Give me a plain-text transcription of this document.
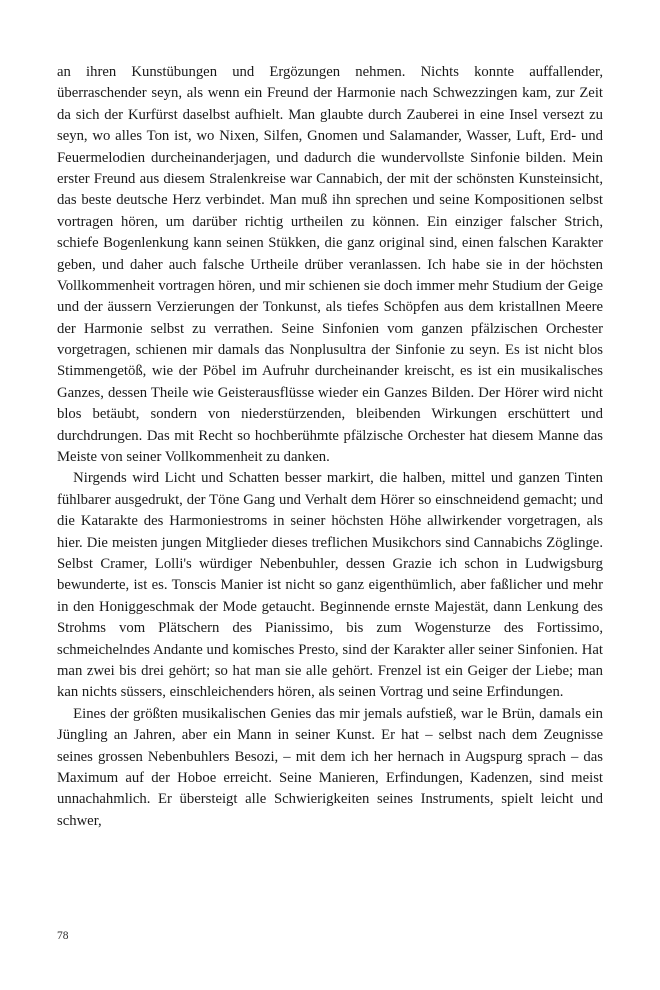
an ihren Kunstübungen und Ergözungen nehmen. Nichts konnte auffallender, überraschender seyn, als wenn ein Freund der Harmonie nach Schwezzingen kam, zur Zeit da sich der Kurfürst daselbst aufhielt. Man glaubte durch Zauberei in eine Insel versezt zu seyn, wo alles Ton ist, wo Nixen, Silfen, Gnomen und Salamander, Wasser, Luft, Erd- und Feuermelodien durcheinanderjagen, und dadurch die wundervollste Sinfonie bilden. Mein erster Freund aus diesem Stralenkreise war Cannabich, der mit der schönsten Kunsteinsicht, das beste deutsche Herz verbindet. Man muß ihn sprechen und seine Kompositionen selbst vortragen hören, um darüber richtig urtheilen zu können. Ein einziger falscher Strich, schiefe Bogenlenkung kann seinen Stükken, die ganz original sind, einen falschen Karakter geben, und daher auch falsche Urtheile drüber veranlassen. Ich habe sie in der höchsten Vollkommenheit vortragen hören, und mir schienen sie doch immer mehr Studium der Geige und der äussern Verzierungen der Tonkunst, als tiefes Schöpfen aus dem kristallnen Meere der Harmonie selbst zu verrathen. Seine Sinfonien vom ganzen pfälzischen Orchester vorgetragen, schienen mir damals das Nonplusultra der Sinfonie zu seyn. Es ist nicht blos Stimmengetöß, wie der Pöbel im Aufruhr durcheinander kreischt, es ist ein musikalisches Ganzes, dessen Theile wie Geisterausflüsse wieder ein Ganzes Bilden. Der Hörer wird nicht blos betäubt, sondern von niederstürzenden, bleibenden Wirkungen erschüttert und durchdrungen. Das mit Recht so hochberühmte pfälzische Orchester hat diesem Manne das Meiste von seiner Vollkommenheit zu danken.

Nirgends wird Licht und Schatten besser markirt, die halben, mittel und ganzen Tinten fühlbarer ausgedrukt, der Töne Gang und Verhalt dem Hörer so einschneidend gemacht; und die Katarakte des Harmoniestroms in seiner höchsten Höhe allwirkender vorgetragen, als hier. Die meisten jungen Mitglieder dieses treflichen Musikchors sind Cannabichs Zöglinge. Selbst Cramer, Lolli's würdiger Nebenbuhler, dessen Grazie ich schon in Ludwigsburg bewunderte, ist es. Tonscis Manier ist nicht so ganz eigenthümlich, aber faßlicher und mehr in den Honiggeschmak der Mode getaucht. Beginnende ernste Majestät, dann Lenkung des Strohms vom Plätschern des Pianissimo, bis zum Wogensturze des Fortissimo, schmeichelndes Andante und komisches Presto, sind der Karakter aller seiner Sinfonien. Hat man zwei bis drei gehört; so hat man sie alle gehört. Frenzel ist ein Geiger der Liebe; man kan nichts süssers, einschleichenders hören, als seinen Vortrag und seine Erfindungen.

Eines der größten musikalischen Genies das mir jemals aufstieß, war le Brün, damals ein Jüngling an Jahren, aber ein Mann in seiner Kunst. Er hat – selbst nach dem Zeugnisse seines grossen Nebenbuhlers Besozi, – mit dem ich her hernach in Augspurg sprach – das Maximum auf der Hoboe erreicht. Seine Manieren, Erfindungen, Kadenzen, sind meist unnachahmlich. Er übersteigt alle Schwierigkeiten seines Instruments, spielt leicht und schwer,

78
